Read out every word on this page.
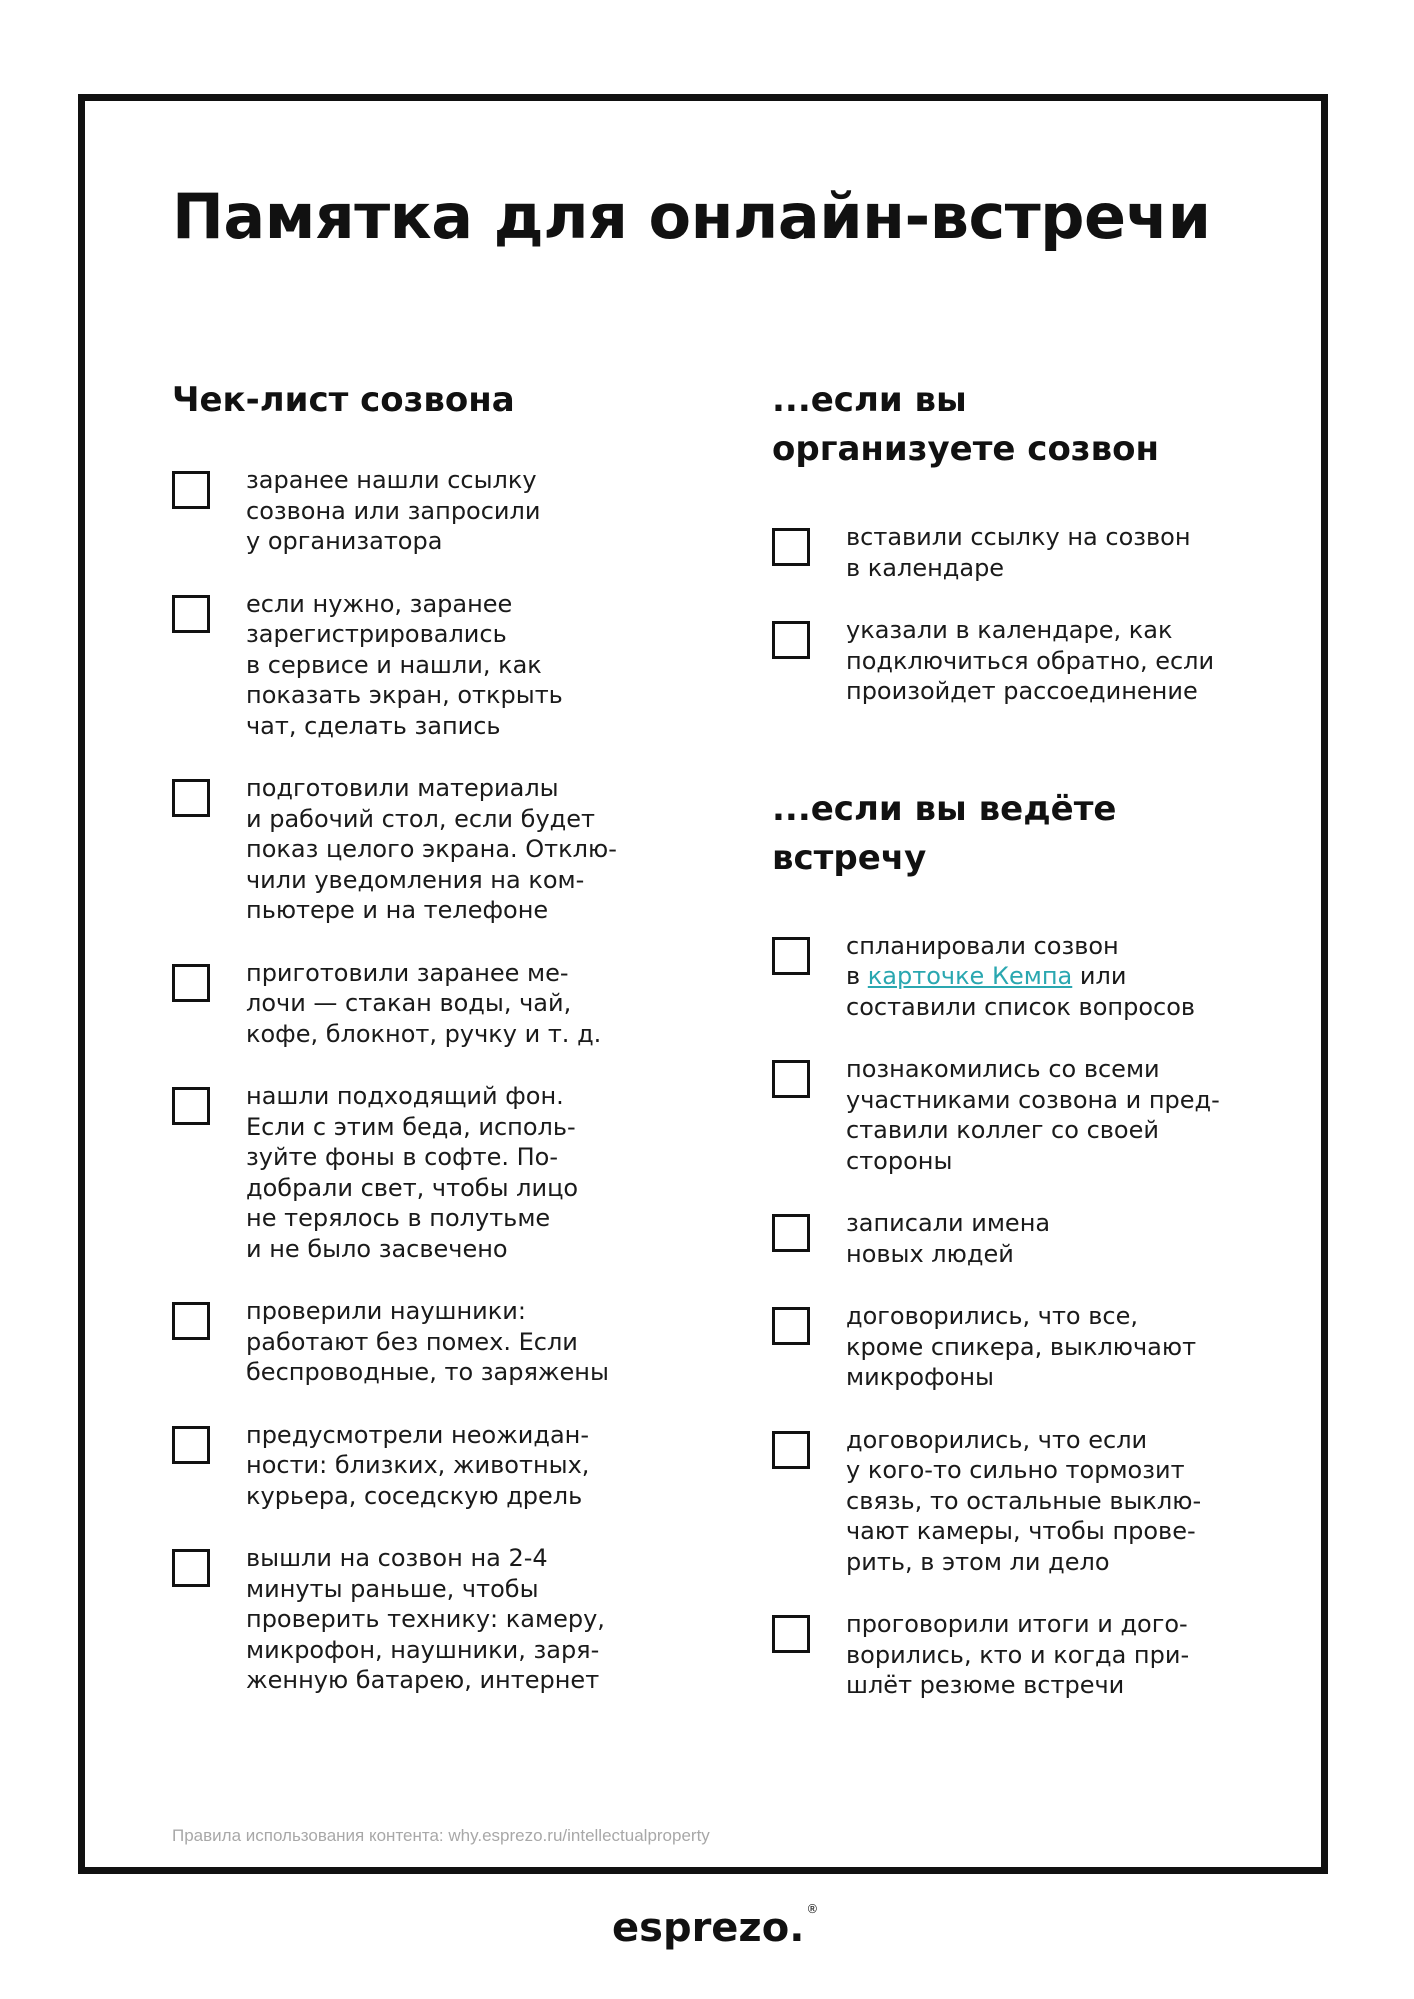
Памятка для онлайн-встречи
Чек-лист созвона
заранее нашли ссылку
созвона или запросили
у организатора
если нужно, заранее
зарегистрировались
в сервисе и нашли, как
показать экран, открыть
чат, сделать запись
подготовили материалы
и рабочий стол, если будет
показ целого экрана. Отклю-
чили уведомления на ком-
пьютере и на телефоне
приготовили заранее ме-
лочи — стакан воды, чай,
кофе, блокнот, ручку и т. д.
нашли подходящий фон.
Если с этим беда, исполь-
зуйте фоны в софте. По-
добрали свет, чтобы лицо
не терялось в полутьме
и не было засвечено
проверили наушники:
работают без помех. Если
беспроводные, то заряжены
предусмотрели неожидан-
ности: близких, животных,
курьера, соседскую дрель
вышли на созвон на 2-4
минуты раньше, чтобы
проверить технику: камеру,
микрофон, наушники, заря-
женную батарею, интернет
...если вы
организуете созвон
вставили ссылку на созвон
в календаре
указали в календаре, как
подключиться обратно, если
произойдет рассоединение
...если вы ведёте
встречу
спланировали созвон
в карточке Кемпа или
составили список вопросов
познакомились со всеми
участниками созвона и пред-
ставили коллег со своей
стороны
записали имена
новых людей
договорились, что все,
кроме спикера, выключают
микрофоны
договорились, что если
у кого-то сильно тормозит
связь, то остальные выклю-
чают камеры, чтобы прове-
рить, в этом ли дело
проговорили итоги и дого-
ворились, кто и когда при-
шлёт резюме встречи
Правила использования контента: why.esprezo.ru/intellectualproperty
esprezo. ®
